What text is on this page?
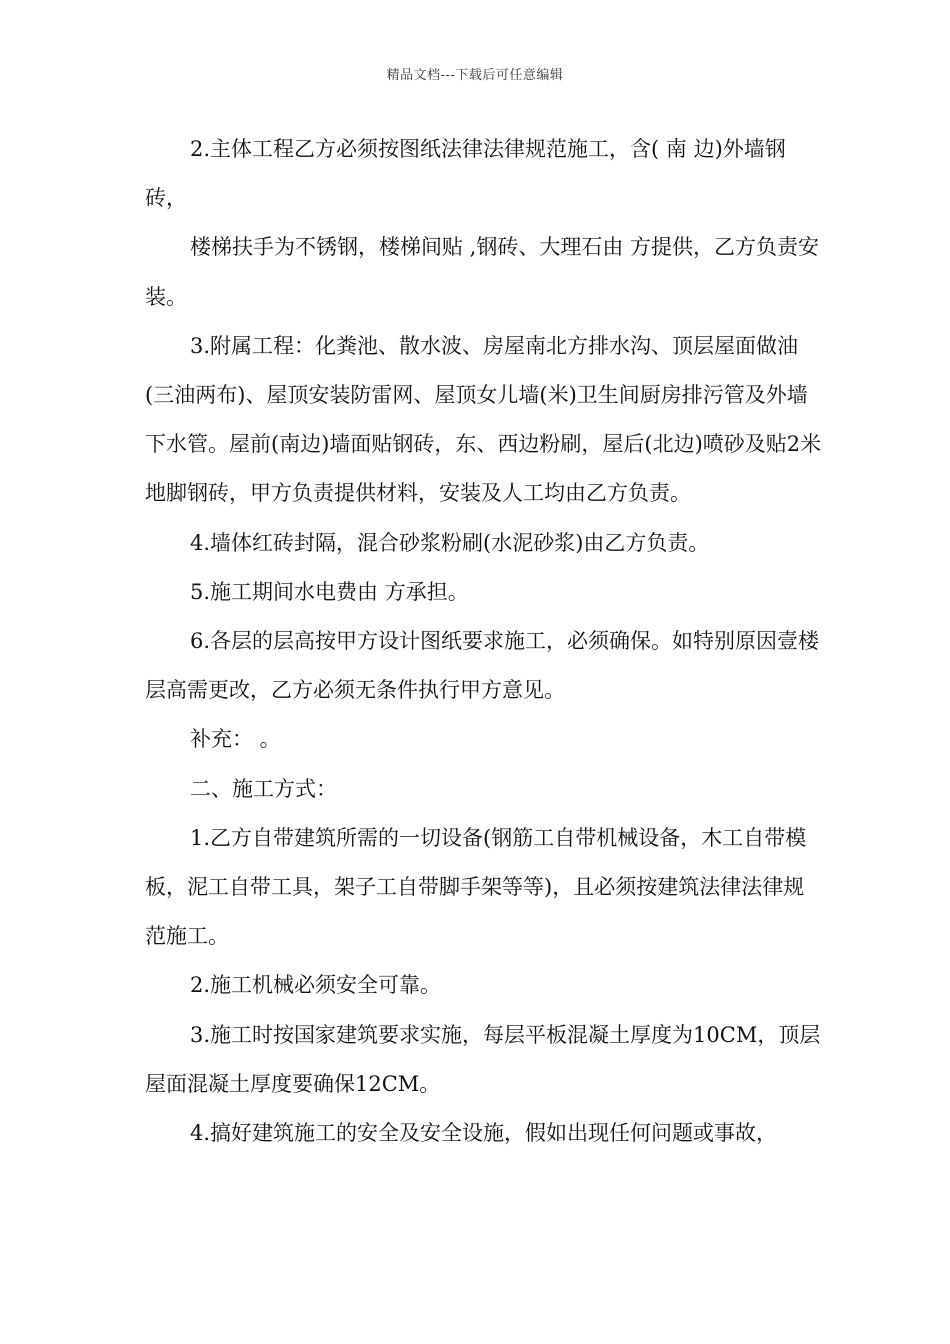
精品文档---下载后可任意编辑

2.主体工程乙方必须按图纸法律法律规范施工，含( 南 边)外墙钢砖，

楼梯扶手为不锈钢，楼梯间贴 ,钢砖、大理石由 方提供，乙方负责安装。

3.附属工程：化粪池、散水波、房屋南北方排水沟、顶层屋面做油(三油两布)、屋顶安装防雷网、屋顶女儿墙(米)卫生间厨房排污管及外墙下水管。屋前(南边)墙面贴钢砖，东、西边粉刷，屋后(北边)喷砂及贴2米地脚钢砖，甲方负责提供材料，安装及人工均由乙方负责。

4.墙体红砖封隔，混合砂浆粉刷(水泥砂浆)由乙方负责。

5.施工期间水电费由 方承担。

6.各层的层高按甲方设计图纸要求施工，必须确保。如特别原因壹楼层高需更改，乙方必须无条件执行甲方意见。

补充： 。

二、施工方式：

1.乙方自带建筑所需的一切设备(钢筋工自带机械设备，木工自带模板，泥工自带工具，架子工自带脚手架等等)，且必须按建筑法律法律规范施工。

2.施工机械必须安全可靠。

3.施工时按国家建筑要求实施，每层平板混凝土厚度为10CM，顶层屋面混凝土厚度要确保12CM。

4.搞好建筑施工的安全及安全设施，假如出现任何问题或事故，
